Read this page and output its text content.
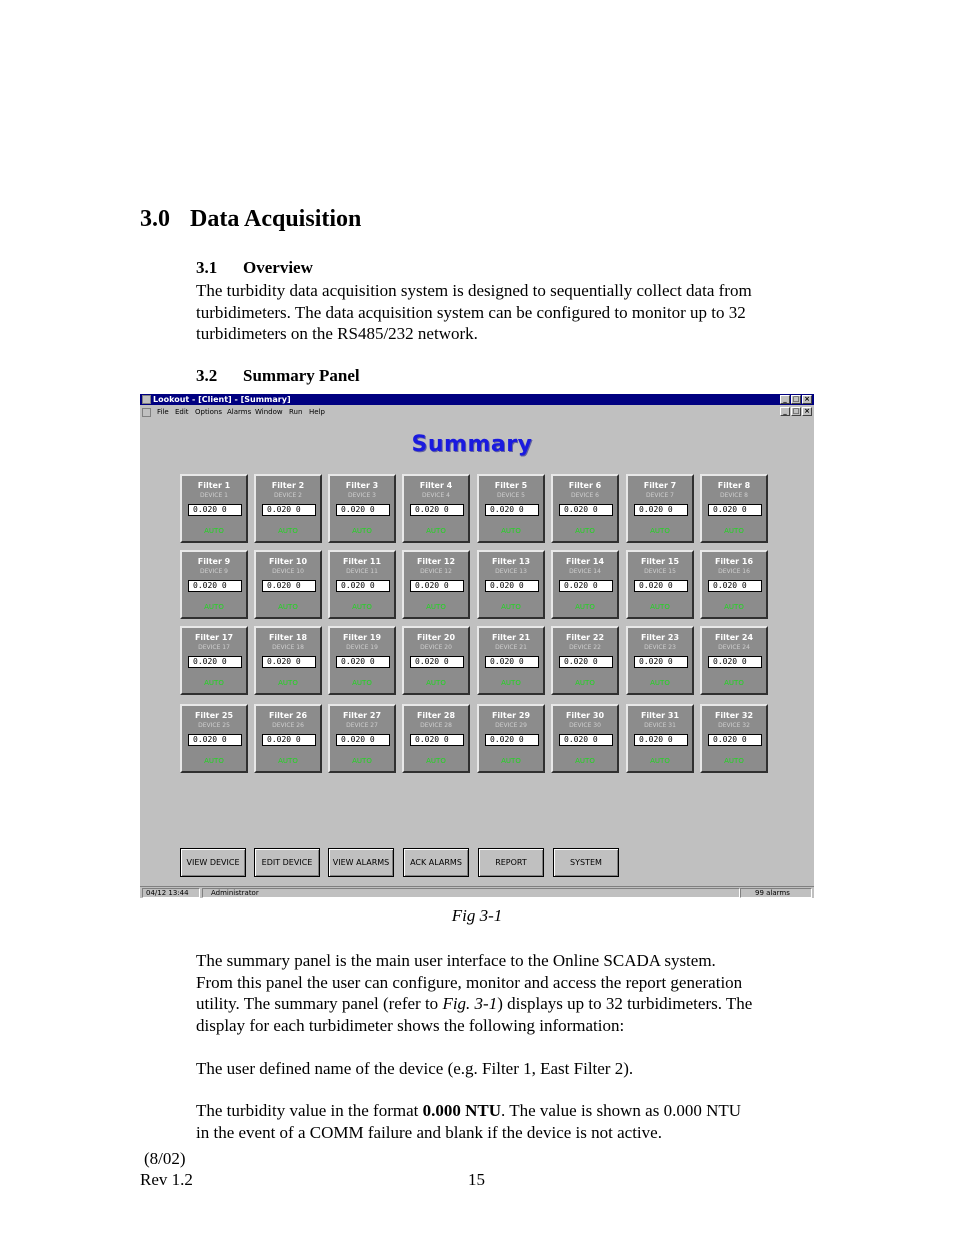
3.0 Data Acquisition
3.1 Overview

The turbidity data acquisition system is designed to sequentially collect data from
turbidimeters. The data acquisition system can be configured to monitor up to 32
turbidimeters on the RS485/232 network.

3.2 Summary Panel
Lookout - [Client] - [Summary]	_ □ ×
File Edit Options Alarms Window Run Help	_ □ ×
Summary
Filter 1
DEVICE 1
0.020 0
AUTO
Filter 2
DEVICE 2
0.020 0
AUTO
Filter 3
DEVICE 3
0.020 0
AUTO
Filter 4
DEVICE 4
0.020 0
AUTO
Filter 5
DEVICE 5
0.020 0
AUTO
Filter 6
DEVICE 6
0.020 0
AUTO
Filter 7
DEVICE 7
0.020 0
AUTO
Filter 8
DEVICE 8
0.020 0
AUTO
Filter 9
DEVICE 9
0.020 0
AUTO
Filter 10
DEVICE 10
0.020 0
AUTO
Filter 11
DEVICE 11
0.020 0
AUTO
Filter 12
DEVICE 12
0.020 0
AUTO
Filter 13
DEVICE 13
0.020 0
AUTO
Filter 14
DEVICE 14
0.020 0
AUTO
Filter 15
DEVICE 15
0.020 0
AUTO
Filter 16
DEVICE 16
0.020 0
AUTO
Filter 17
DEVICE 17
0.020 0
AUTO
Filter 18
DEVICE 18
0.020 0
AUTO
Filter 19
DEVICE 19
0.020 0
AUTO
Filter 20
DEVICE 20
0.020 0
AUTO
Filter 21
DEVICE 21
0.020 0
AUTO
Filter 22
DEVICE 22
0.020 0
AUTO
Filter 23
DEVICE 23
0.020 0
AUTO
Filter 24
DEVICE 24
0.020 0
AUTO
Filter 25
DEVICE 25
0.020 0
AUTO
Filter 26
DEVICE 26
0.020 0
AUTO
Filter 27
DEVICE 27
0.020 0
AUTO
Filter 28
DEVICE 28
0.020 0
AUTO
Filter 29
DEVICE 29
0.020 0
AUTO
Filter 30
DEVICE 30
0.020 0
AUTO
Filter 31
DEVICE 31
0.020 0
AUTO
Filter 32
DEVICE 32
0.020 0
AUTO
VIEW DEVICE	EDIT DEVICE	VIEW ALARMS	ACK ALARMS	REPORT	SYSTEM
04/12 13:44	Administrator	99 alarms

Fig 3-1

The summary panel is the main user interface to the Online SCADA system.
From this panel the user can configure, monitor and access the report generation
utility. The summary panel (refer to Fig. 3-1) displays up to 32 turbidimeters. The
display for each turbidimeter shows the following information:

The user defined name of the device (e.g. Filter 1, East Filter 2).

The turbidity value in the format 0.000 NTU. The value is shown as 0.000 NTU
in the event of a COMM failure and blank if the device is not active.

(8/02)

Rev 1.2	15
